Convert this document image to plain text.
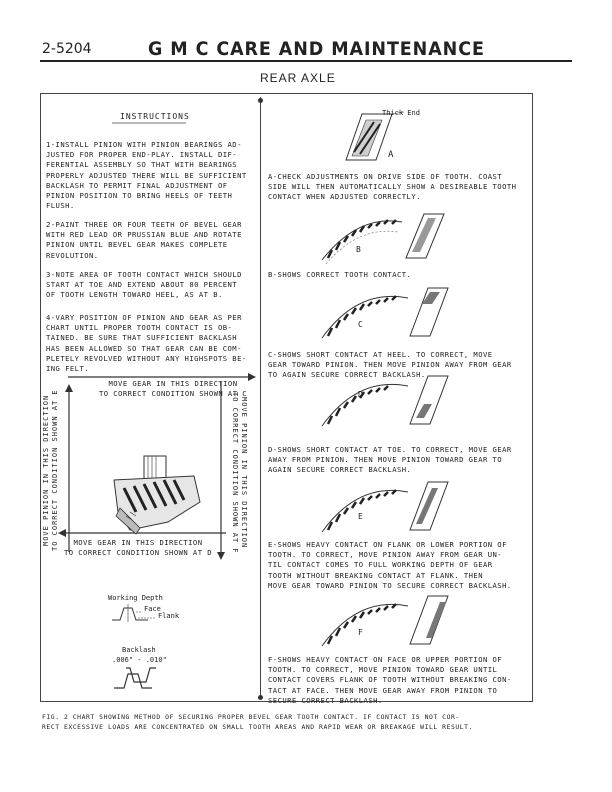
2-5204	G M C CARE AND MAINTENANCE
REAR AXLE
INSTRUCTIONS
1-INSTALL PINION WITH PINION BEARINGS AD-
JUSTED FOR PROPER END-PLAY. INSTALL DIF-
FERENTIAL ASSEMBLY SO THAT WITH BEARINGS
PROPERLY ADJUSTED THERE WILL BE SUFFICIENT
BACKLASH TO PERMIT FINAL ADJUSTMENT OF
PINION POSITION TO BRING HEELS OF TEETH
FLUSH.
2-PAINT THREE OR FOUR TEETH OF BEVEL GEAR
WITH RED LEAD OR PRUSSIAN BLUE AND ROTATE
PINION UNTIL BEVEL GEAR MAKES COMPLETE
REVOLUTION.
3-NOTE AREA OF TOOTH CONTACT WHICH SHOULD
START AT TOE AND EXTEND ABOUT 80 PERCENT
OF TOOTH LENGTH TOWARD HEEL, AS AT B.
4-VARY POSITION OF PINION AND GEAR AS PER
CHART UNTIL PROPER TOOTH CONTACT IS OB-
TAINED. BE SURE THAT SUFFICIENT BACKLASH
HAS BEEN ALLOWED SO THAT GEAR CAN BE COM-
PLETELY REVOLVED WITHOUT ANY HIGHSPOTS BE-
ING FELT.
MOVE GEAR IN THIS DIRECTION
TO CORRECT CONDITION SHOWN AT C
MOVE GEAR IN THIS DIRECTION
TO CORRECT CONDITION SHOWN AT D
MOVE PINION IN THIS DIRECTION
TO CORRECT CONDITION SHOWN AT E
MOVE PINION IN THIS DIRECTION
TO CORRECT CONDITION SHOWN AT F
Working Depth
Face
Flank
Backlash
.006" - .010"
Thick End
A
A-CHECK ADJUSTMENTS ON DRIVE SIDE OF TOOTH. COAST
SIDE WILL THEN AUTOMATICALLY SHOW A DESIREABLE TOOTH
CONTACT WHEN ADJUSTED CORRECTLY.
B
B-SHOWS CORRECT TOOTH CONTACT.
C
C-SHOWS SHORT CONTACT AT HEEL. TO CORRECT, MOVE
GEAR TOWARD PINION. THEN MOVE PINION AWAY FROM GEAR
TO AGAIN SECURE CORRECT BACKLASH.
D
D-SHOWS SHORT CONTACT AT TOE. TO CORRECT, MOVE GEAR
AWAY FROM PINION. THEN MOVE PINION TOWARD GEAR TO
AGAIN SECURE CORRECT BACKLASH.
E
E-SHOWS HEAVY CONTACT ON FLANK OR LOWER PORTION OF
TOOTH. TO CORRECT, MOVE PINION AWAY FROM GEAR UN-
TIL CONTACT COMES TO FULL WORKING DEPTH OF GEAR
TOOTH WITHOUT BREAKING CONTACT AT FLANK. THEN
MOVE GEAR TOWARD PINION TO SECURE CORRECT BACKLASH.
F
F-SHOWS HEAVY CONTACT ON FACE OR UPPER PORTION OF
TOOTH. TO CORRECT, MOVE PINION TOWARD GEAR UNTIL
CONTACT COVERS FLANK OF TOOTH WITHOUT BREAKING CON-
TACT AT FACE. THEN MOVE GEAR AWAY FROM PINION TO
SECURE CORRECT BACKLASH.
FIG. 2 CHART SHOWING METHOD OF SECURING PROPER BEVEL GEAR TOOTH CONTACT. IF CONTACT IS NOT COR-
RECT EXCESSIVE LOADS ARE CONCENTRATED ON SMALL TOOTH AREAS AND RAPID WEAR OR BREAKAGE WILL RESULT.
